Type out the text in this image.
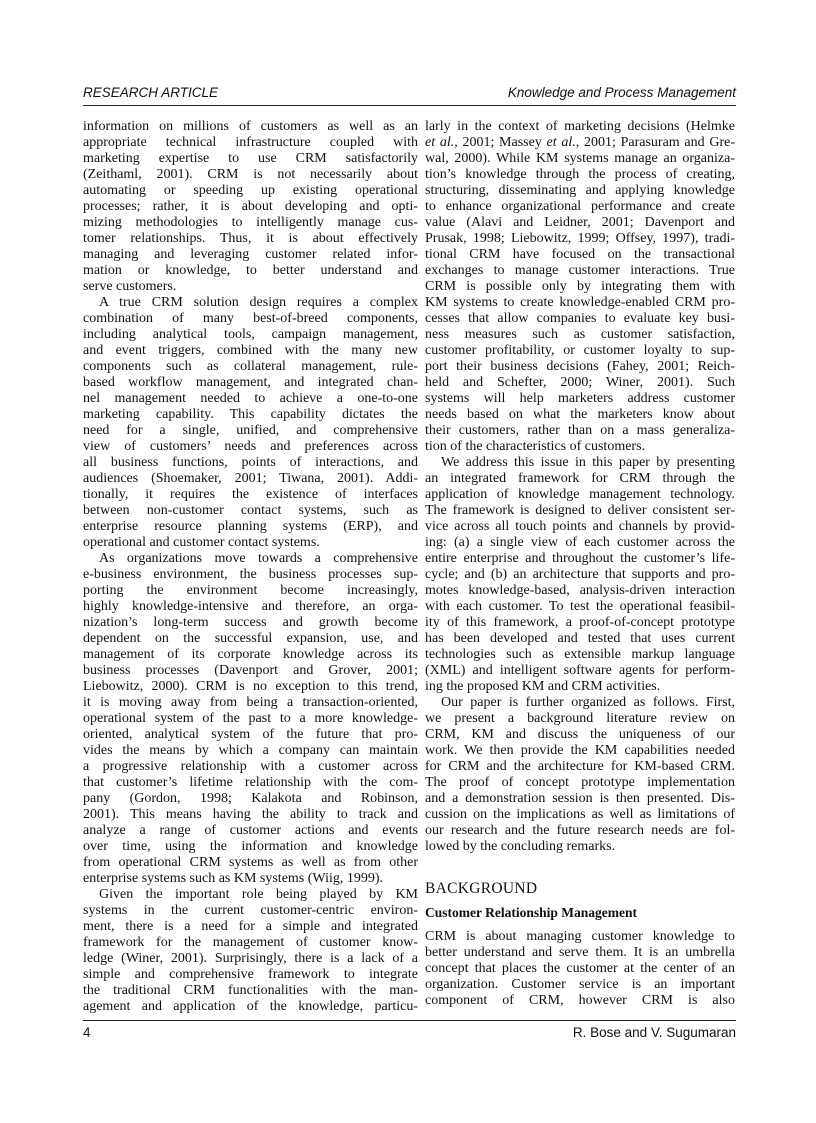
RESEARCH ARTICLE	Knowledge and Process Management
information on millions of customers as well as an
appropriate technical infrastructure coupled with
marketing expertise to use CRM satisfactorily
(Zeithaml, 2001). CRM is not necessarily about
automating or speeding up existing operational
processes; rather, it is about developing and opti-
mizing methodologies to intelligently manage cus-
tomer relationships. Thus, it is about effectively
managing and leveraging customer related infor-
mation or knowledge, to better understand and
serve customers.
A true CRM solution design requires a complex
combination of many best-of-breed components,
including analytical tools, campaign management,
and event triggers, combined with the many new
components such as collateral management, rule-
based workflow management, and integrated chan-
nel management needed to achieve a one-to-one
marketing capability. This capability dictates the
need for a single, unified, and comprehensive
view of customers’ needs and preferences across
all business functions, points of interactions, and
audiences (Shoemaker, 2001; Tiwana, 2001). Addi-
tionally, it requires the existence of interfaces
between non-customer contact systems, such as
enterprise resource planning systems (ERP), and
operational and customer contact systems.
As organizations move towards a comprehensive
e-business environment, the business processes sup-
porting the environment become increasingly,
highly knowledge-intensive and therefore, an orga-
nization’s long-term success and growth become
dependent on the successful expansion, use, and
management of its corporate knowledge across its
business processes (Davenport and Grover, 2001;
Liebowitz, 2000). CRM is no exception to this trend,
it is moving away from being a transaction-oriented,
operational system of the past to a more knowledge-
oriented, analytical system of the future that pro-
vides the means by which a company can maintain
a progressive relationship with a customer across
that customer’s lifetime relationship with the com-
pany (Gordon, 1998; Kalakota and Robinson,
2001). This means having the ability to track and
analyze a range of customer actions and events
over time, using the information and knowledge
from operational CRM systems as well as from other
enterprise systems such as KM systems (Wiig, 1999).
Given the important role being played by KM
systems in the current customer-centric environ-
ment, there is a need for a simple and integrated
framework for the management of customer know-
ledge (Winer, 2001). Surprisingly, there is a lack of a
simple and comprehensive framework to integrate
the traditional CRM functionalities with the man-
agement and application of the knowledge, particu-
larly in the context of marketing decisions (Helmke
et al., 2001; Massey et al., 2001; Parasuram and Gre-
wal, 2000). While KM systems manage an organiza-
tion’s knowledge through the process of creating,
structuring, disseminating and applying knowledge
to enhance organizational performance and create
value (Alavi and Leidner, 2001; Davenport and
Prusak, 1998; Liebowitz, 1999; Offsey, 1997), tradi-
tional CRM have focused on the transactional
exchanges to manage customer interactions. True
CRM is possible only by integrating them with
KM systems to create knowledge-enabled CRM pro-
cesses that allow companies to evaluate key busi-
ness measures such as customer satisfaction,
customer profitability, or customer loyalty to sup-
port their business decisions (Fahey, 2001; Reich-
held and Schefter, 2000; Winer, 2001). Such
systems will help marketers address customer
needs based on what the marketers know about
their customers, rather than on a mass generaliza-
tion of the characteristics of customers.
We address this issue in this paper by presenting
an integrated framework for CRM through the
application of knowledge management technology.
The framework is designed to deliver consistent ser-
vice across all touch points and channels by provid-
ing: (a) a single view of each customer across the
entire enterprise and throughout the customer’s life-
cycle; and (b) an architecture that supports and pro-
motes knowledge-based, analysis-driven interaction
with each customer. To test the operational feasibil-
ity of this framework, a proof-of-concept prototype
has been developed and tested that uses current
technologies such as extensible markup language
(XML) and intelligent software agents for perform-
ing the proposed KM and CRM activities.
Our paper is further organized as follows. First,
we present a background literature review on
CRM, KM and discuss the uniqueness of our
work. We then provide the KM capabilities needed
for CRM and the architecture for KM-based CRM.
The proof of concept prototype implementation
and a demonstration session is then presented. Dis-
cussion on the implications as well as limitations of
our research and the future research needs are fol-
lowed by the concluding remarks.
BACKGROUND
Customer Relationship Management
CRM is about managing customer knowledge to
better understand and serve them. It is an umbrella
concept that places the customer at the center of an
organization. Customer service is an important
component of CRM, however CRM is also
4	R. Bose and V. Sugumaran
